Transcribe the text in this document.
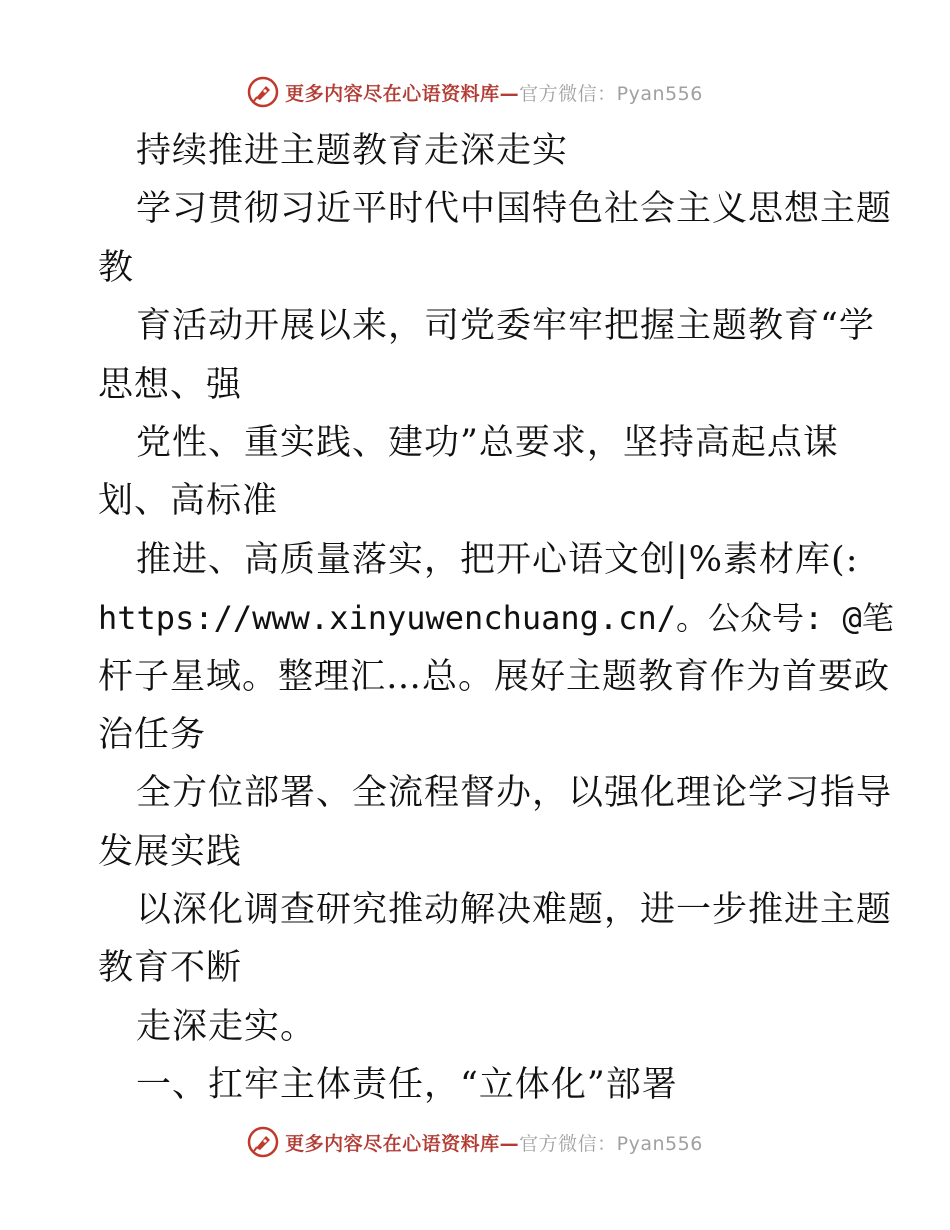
更多内容尽在心语资料库—官方微信：Pyan556
持续推进主题教育走深走实
学习贯彻习近平时代中国特色社会主义思想主题
教
育活动开展以来，司党委牢牢把握主题教育“学
思想、强
党性、重实践、建功”总要求，坚持高起点谋
划、高标准
推进、高质量落实，把开心语文创|%素材库(:
https://www.xinyuwenchuang.cn/。公众号: @笔
杆子星域。整理汇…总。展好主题教育作为首要政
治任务
全方位部署、全流程督办，以强化理论学习指导
发展实践
以深化调查研究推动解决难题，进一步推进主题
教育不断
走深走实。
一、扛牢主体责任，“立体化”部署
更多内容尽在心语资料库—官方微信：Pyan556
